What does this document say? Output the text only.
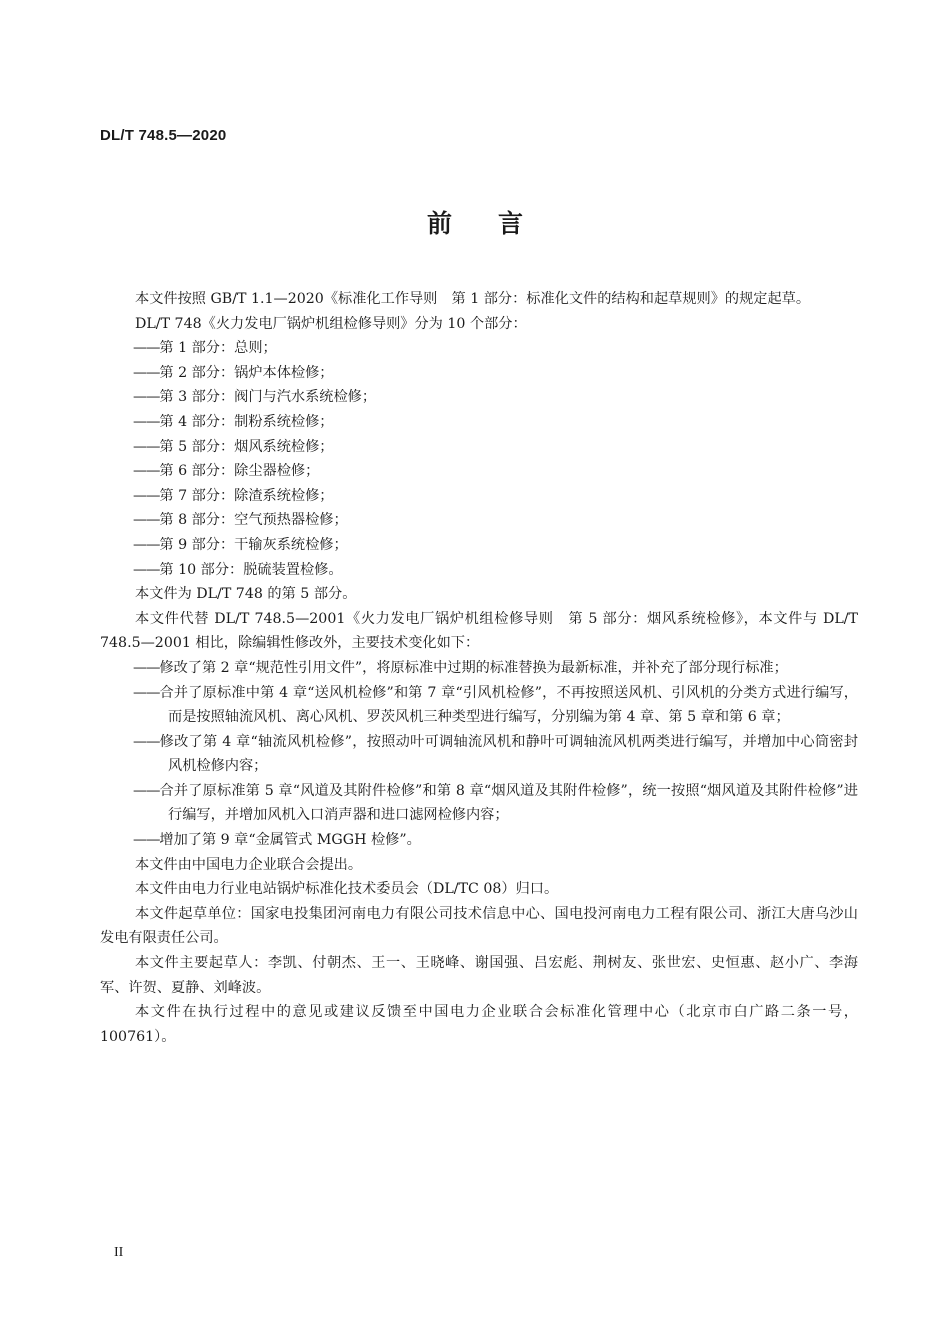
DL/T 748.5—2020
前言

本文件按照 GB/T 1.1—2020《标准化工作导则　第 1 部分：标准化文件的结构和起草规则》的规定起草。

DL/T 748《火力发电厂锅炉机组检修导则》分为 10 个部分：

——第 1 部分：总则；

——第 2 部分：锅炉本体检修；

——第 3 部分：阀门与汽水系统检修；

——第 4 部分：制粉系统检修；

——第 5 部分：烟风系统检修；

——第 6 部分：除尘器检修；

——第 7 部分：除渣系统检修；

——第 8 部分：空气预热器检修；

——第 9 部分：干输灰系统检修；

——第 10 部分：脱硫装置检修。

本文件为 DL/T 748 的第 5 部分。

本文件代替 DL/T 748.5—2001《火力发电厂锅炉机组检修导则　第 5 部分：烟风系统检修》，本文件与 DL/T 748.5—2001 相比，除编辑性修改外，主要技术变化如下：

——修改了第 2 章“规范性引用文件”，将原标准中过期的标准替换为最新标准，并补充了部分现行标准；

——合并了原标准中第 4 章“送风机检修”和第 7 章“引风机检修”，不再按照送风机、引风机的分类方式进行编写，而是按照轴流风机、离心风机、罗茨风机三种类型进行编写，分别编为第 4 章、第 5 章和第 6 章；

——修改了第 4 章“轴流风机检修”，按照动叶可调轴流风机和静叶可调轴流风机两类进行编写，并增加中心筒密封风机检修内容；

——合并了原标准第 5 章“风道及其附件检修”和第 8 章“烟风道及其附件检修”，统一按照“烟风道及其附件检修”进行编写，并增加风机入口消声器和进口滤网检修内容；

——增加了第 9 章“金属管式 MGGH 检修”。

本文件由中国电力企业联合会提出。

本文件由电力行业电站锅炉标准化技术委员会（DL/TC 08）归口。

本文件起草单位：国家电投集团河南电力有限公司技术信息中心、国电投河南电力工程有限公司、浙江大唐乌沙山发电有限责任公司。

本文件主要起草人：李凯、付朝杰、王一、王晓峰、谢国强、吕宏彪、荆树友、张世宏、史恒惠、赵小广、李海军、许贺、夏静、刘峰波。

本文件在执行过程中的意见或建议反馈至中国电力企业联合会标准化管理中心（北京市白广路二条一号，100761）。

II
